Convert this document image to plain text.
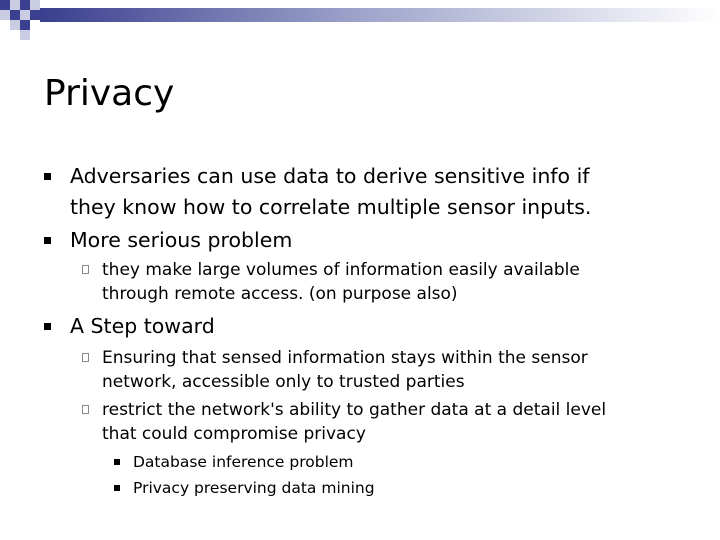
Privacy
Adversaries can use data to derive sensitive info if
they know how to correlate multiple sensor inputs.
More serious problem
they make large volumes of information easily available
through remote access. (on purpose also)
A Step toward
Ensuring that sensed information stays within the sensor
network, accessible only to trusted parties
restrict the network's ability to gather data at a detail level
that could compromise privacy
Database inference problem
Privacy preserving data mining
